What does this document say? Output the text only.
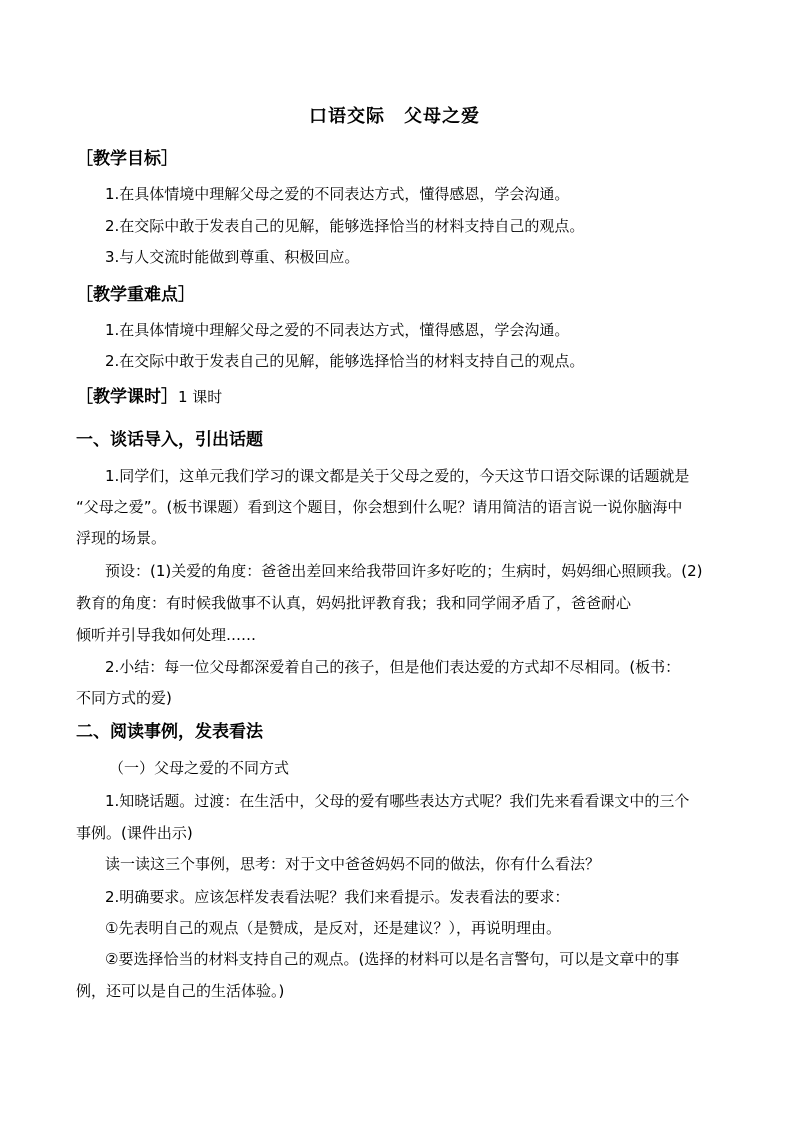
口语交际　父母之爱
［教学目标］
1.在具体情境中理解父母之爱的不同表达方式，懂得感恩，学会沟通。
2.在交际中敢于发表自己的见解，能够选择恰当的材料支持自己的观点。
3.与人交流时能做到尊重、积极回应。
［教学重难点］
1.在具体情境中理解父母之爱的不同表达方式，懂得感恩，学会沟通。
2.在交际中敢于发表自己的见解，能够选择恰当的材料支持自己的观点。
［教学课时］1 课时
一、谈话导入，引出话题
1.同学们，这单元我们学习的课文都是关于父母之爱的，今天这节口语交际课的话题就是
“父母之爱”。(板书课题）看到这个题目，你会想到什么呢？请用简洁的语言说一说你脑海中
浮现的场景。
预设：(1)关爱的角度：爸爸出差回来给我带回许多好吃的；生病时，妈妈细心照顾我。(2)
教育的角度：有时候我做事不认真，妈妈批评教育我；我和同学闹矛盾了，爸爸耐心
倾听并引导我如何处理……
2.小结：每一位父母都深爱着自己的孩子，但是他们表达爱的方式却不尽相同。(板书：
不同方式的爱)
二、阅读事例，发表看法
（一）父母之爱的不同方式
1.知晓话题。过渡：在生活中，父母的爱有哪些表达方式呢？我们先来看看课文中的三个
事例。(课件出示)
读一读这三个事例，思考：对于文中爸爸妈妈不同的做法，你有什么看法？
2.明确要求。应该怎样发表看法呢？我们来看提示。发表看法的要求：
①先表明自己的观点（是赞成，是反对，还是建议？），再说明理由。
②要选择恰当的材料支持自己的观点。(选择的材料可以是名言警句，可以是文章中的事
例，还可以是自己的生活体验。)
